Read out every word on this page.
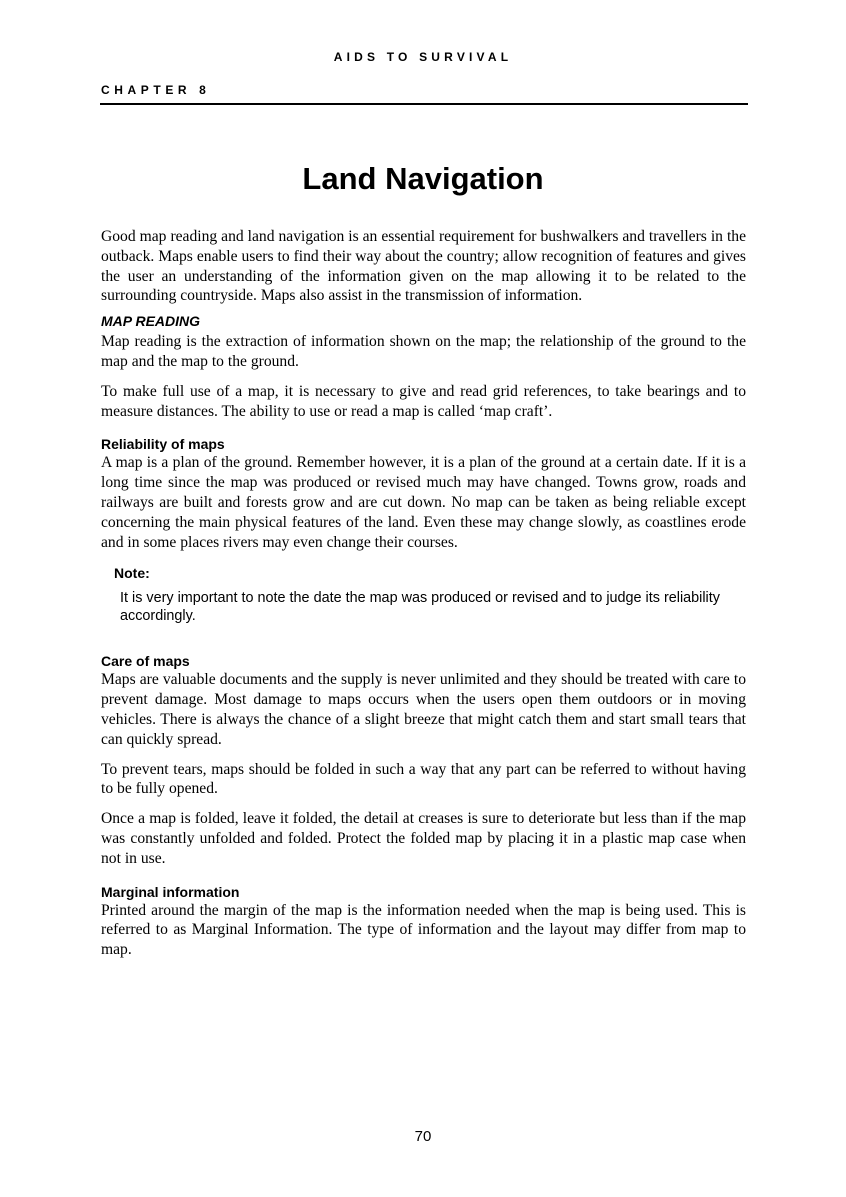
AIDS TO SURVIVAL
CHAPTER 8
Land Navigation

Good map reading and land navigation is an essential requirement for bushwalkers and travellers in the outback. Maps enable users to find their way about the country; allow recognition of features and gives the user an understanding of the information given on the map allowing it to be related to the surrounding countryside. Maps also assist in the transmission of information.

MAP READING

Map reading is the extraction of information shown on the map; the relationship of the ground to the map and the map to the ground.

To make full use of a map, it is necessary to give and read grid references, to take bearings and to measure distances. The ability to use or read a map is called ‘map craft’.

Reliability of maps

A map is a plan of the ground. Remember however, it is a plan of the ground at a certain date. If it is a long time since the map was produced or revised much may have changed. Towns grow, roads and railways are built and forests grow and are cut down. No map can be taken as being reliable except concerning the main physical features of the land. Even these may change slowly, as coastlines erode and in some places rivers may even change their courses.

Note:
It is very important to note the date the map was produced or revised and to judge its reliability accordingly.
Care of maps

Maps are valuable documents and the supply is never unlimited and they should be treated with care to prevent damage. Most damage to maps occurs when the users open them outdoors or in moving vehicles. There is always the chance of a slight breeze that might catch them and start small tears that can quickly spread.

To prevent tears, maps should be folded in such a way that any part can be referred to without having to be fully opened.

Once a map is folded, leave it folded, the detail at creases is sure to deteriorate but less than if the map was constantly unfolded and folded. Protect the folded map by placing it in a plastic map case when not in use.

Marginal information

Printed around the margin of the map is the information needed when the map is being used. This is referred to as Marginal Information. The type of information and the layout may differ from map to map.

70
